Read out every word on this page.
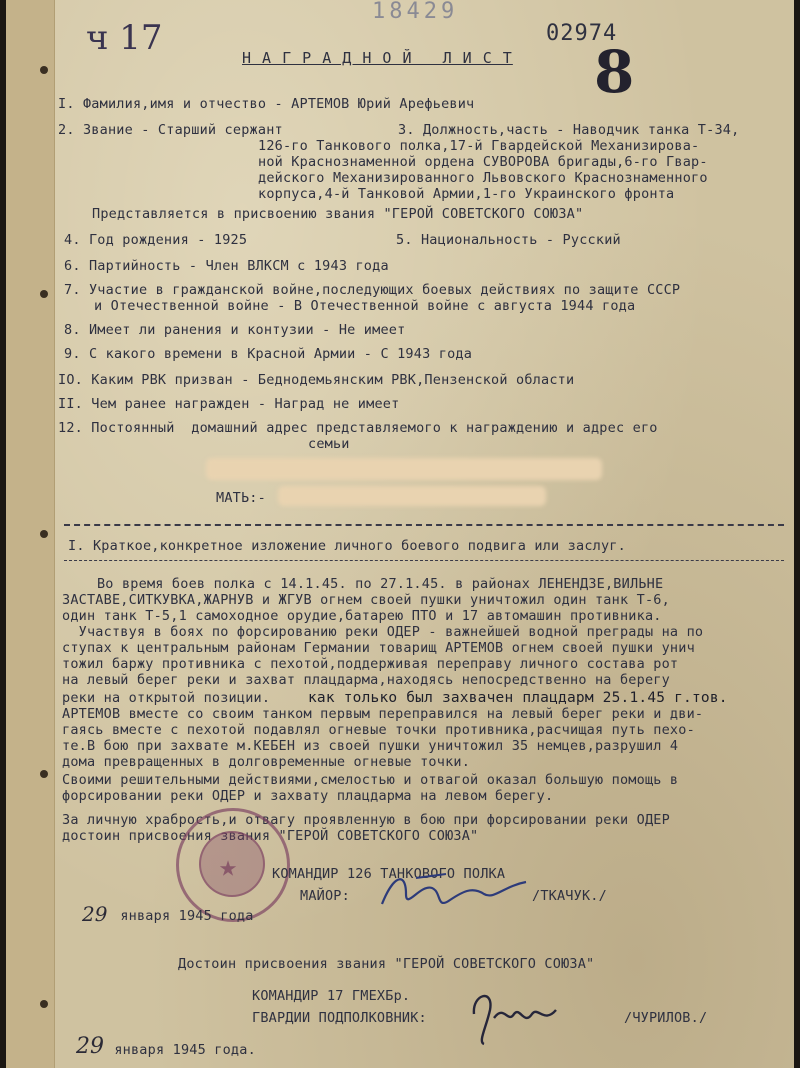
ч 17
18429
02974
8
Н А Г Р А Д Н О Й   Л И С Т
I. Фамилия,имя и отчество - АРТЕМОВ Юрий Арефьевич
2. Звание - Старший сержант	3. Должность,часть - Наводчик танка Т-34,
126-го Танкового полка,17-й Гвардейской Механизирова-
ной Краснознаменной ордена СУВОРОВА бригады,6-го Гвар-
дейского Механизированного Львовского Краснознаменного
корпуса,4-й Танковой Армии,1-го Украинского фронта
Представляется в присвоению звания "ГЕРОЙ СОВЕТСКОГО СОЮЗА"
4. Год рождения - 1925	5. Национальность - Русский
6. Партийность - Член ВЛКСМ с 1943 года
7. Участие в гражданской войне,последующих боевых действиях по защите СССР
и Отечественной войне - В Отечественной войне с августа 1944 года
8. Имеет ли ранения и контузии - Не имеет
9. С какого времени в Красной Армии - С 1943 года
IO. Каким РВК призван - Беднодемьянским РВК,Пензенской области
II. Чем ранее награжден - Наград не имеет
12. Постоянный  домашний адрес представляемого к награждению и адрес его
семьи
МАТЬ:-
I. Краткое,конкретное изложение личного боевого подвига или заслуг.
Во время боев полка с 14.1.45. по 27.1.45. в районах ЛЕНЕНДЗЕ,ВИЛЬНЕ
ЗАСТАВЕ,СИТКУВКА,ЖАРНУВ и ЖГУВ огнем своей пушки уничтожил один танк Т-6,
один танк Т-5,1 самоходное орудие,батарею ПТО и 17 автомашин противника.
Участвуя в боях по форсированию реки ОДЕР - важнейшей водной преграды на по
ступах к центральным районам Германии товарищ АРТЕМОВ огнем своей пушки унич
тожил баржу противника с пехотой,поддерживая переправу личного состава рот
на левый берег реки и захват плацдарма,находясь непосредственно на берегу
реки на открытой позиции.	как только был захвачен плацдарм 25.1.45 г.тов.
АРТЕМОВ вместе со своим танком первым переправился на левый берег реки и дви-
гаясь вместе с пехотой подавлял огневые точки противника,расчищая путь пехо-
те.В бою при захвате м.КЕБЕН из своей пушки уничтожил 35 немцев,разрушил 4
дома превращенных в долговременные огневые точки.
Своими решительными действиями,смелостью и отвагой оказал большую помощь в
форсировании реки ОДЕР и захвату плацдарма на левом берегу.
За личную храбрость,и отвагу проявленную в бою при форсировании реки ОДЕР
достоин присвоения звания "ГЕРОЙ СОВЕТСКОГО СОЮЗА"
★	КОМАНДИР 126 ТАНКОВОГО ПОЛКА
МАЙОР:	/ТКАЧУК./
29 января 1945 года
Достоин присвоения звания "ГЕРОЙ СОВЕТСКОГО СОЮЗА"
КОМАНДИР 17 ГМЕХБр.
ГВАРДИИ ПОДПОЛКОВНИК:	/ЧУРИЛОВ./
29 января 1945 года.
